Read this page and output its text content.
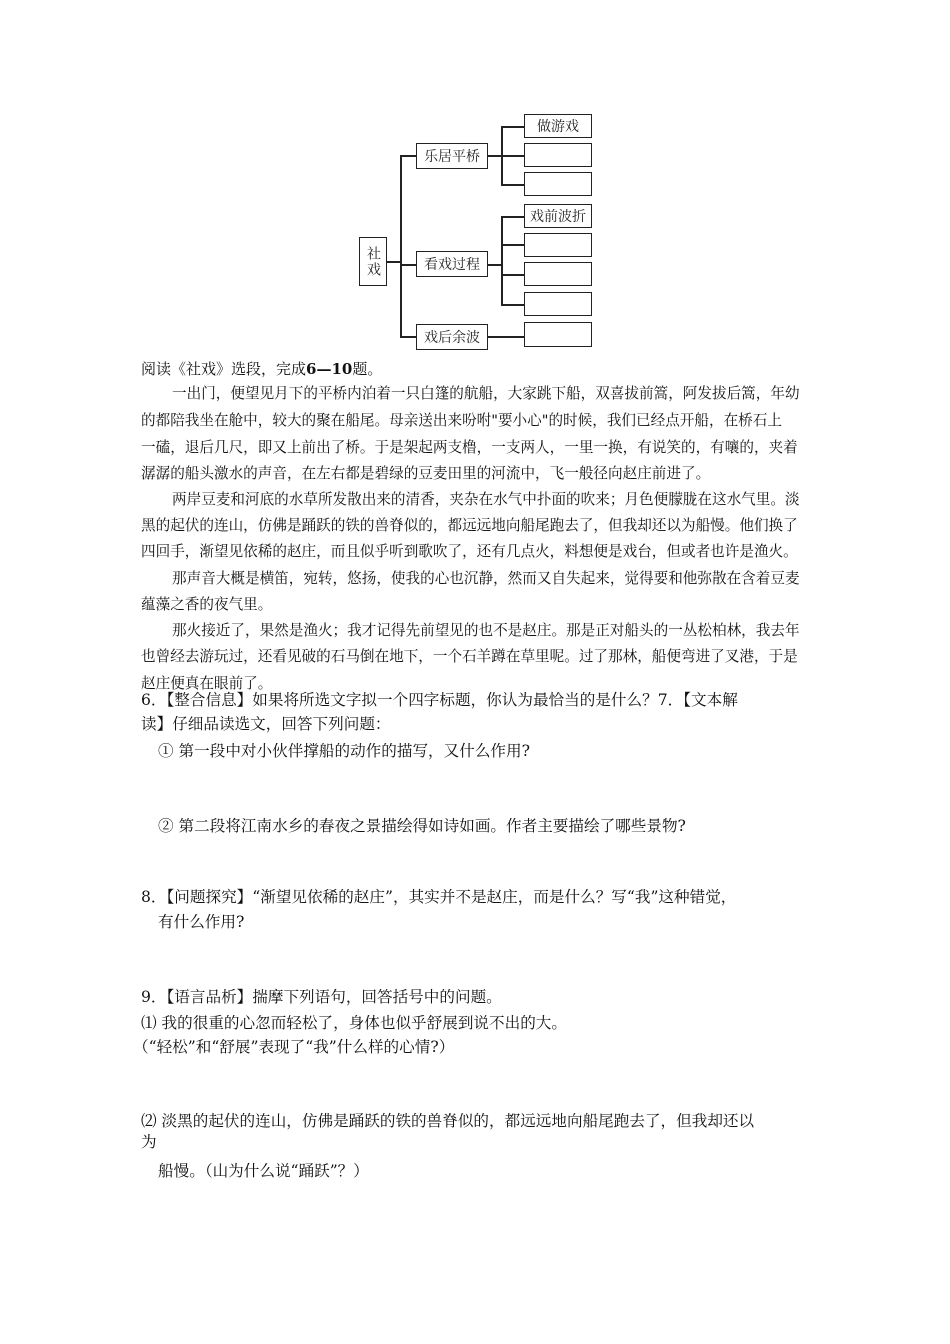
社戏
乐居平桥
做游戏
看戏过程
戏前波折
戏后余波
阅读《社戏》选段，完成6—10题。
一出门，便望见月下的平桥内泊着一只白篷的航船，大家跳下船，双喜拔前篙，阿发拔后篙，年幼
的都陪我坐在舱中，较大的聚在船尾。母亲送出来吩咐"要小心"的时候，我们已经点开船，在桥石上
一磕，退后几尺，即又上前出了桥。于是架起两支橹，一支两人，一里一换，有说笑的，有嚷的，夹着
潺潺的船头激水的声音，在左右都是碧绿的豆麦田里的河流中，飞一般径向赵庄前进了。
两岸豆麦和河底的水草所发散出来的清香，夹杂在水气中扑面的吹来；月色便朦胧在这水气里。淡
黑的起伏的连山，仿佛是踊跃的铁的兽脊似的，都远远地向船尾跑去了，但我却还以为船慢。他们换了
四回手，渐望见依稀的赵庄，而且似乎听到歌吹了，还有几点火，料想便是戏台，但或者也许是渔火。
那声音大概是横笛，宛转，悠扬，使我的心也沉静，然而又自失起来，觉得要和他弥散在含着豆麦
蕴藻之香的夜气里。
那火接近了，果然是渔火；我才记得先前望见的也不是赵庄。那是正对船头的一丛松柏林，我去年
也曾经去游玩过，还看见破的石马倒在地下，一个石羊蹲在草里呢。过了那林，船便弯进了叉港，于是
赵庄便真在眼前了。
6．【整合信息】如果将所选文字拟一个四字标题，你认为最恰当的是什么？7．【文本解
读】仔细品读选文，回答下列问题：
① 第一段中对小伙伴撑船的动作的描写，又什么作用?
② 第二段将江南水乡的春夜之景描绘得如诗如画。作者主要描绘了哪些景物?
8．【问题探究】“渐望见依稀的赵庄”，其实并不是赵庄，而是什么？写“我”这种错觉，
有什么作用?
9．【语言品析】揣摩下列语句，回答括号中的问题。
⑴ 我的很重的心忽而轻松了，身体也似乎舒展到说不出的大。
（“轻松”和“舒展”表现了“我”什么样的心情?）
⑵ 淡黑的起伏的连山，仿佛是踊跃的铁的兽脊似的，都远远地向船尾跑去了，但我却还以
为
船慢。（山为什么说“踊跃”？）
